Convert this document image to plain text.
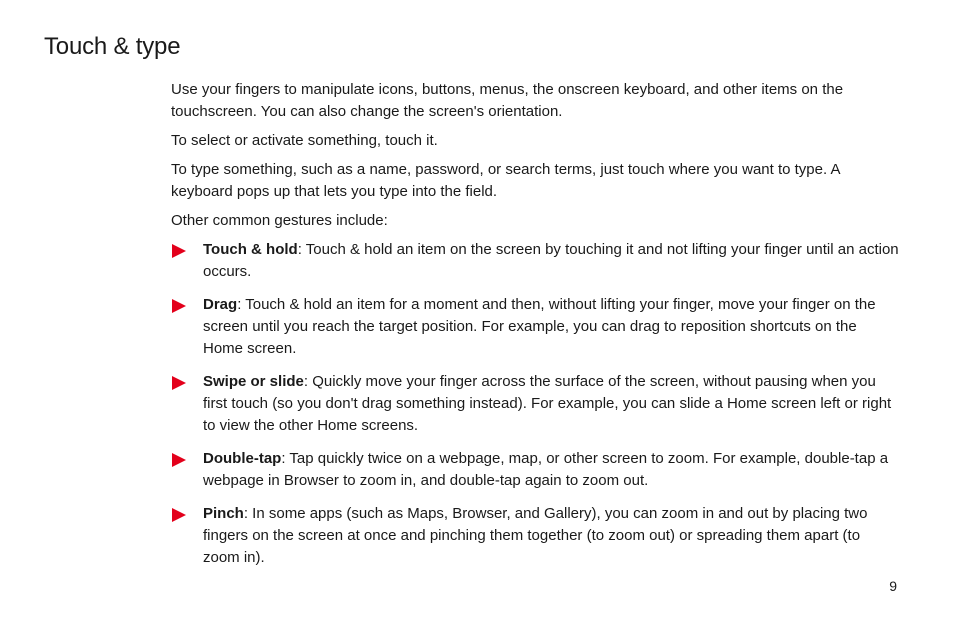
Touch & type

Use your fingers to manipulate icons, buttons, menus, the onscreen keyboard, and other items on the touchscreen. You can also change the screen's orientation.

To select or activate something, touch it.

To type something, such as a name, password, or search terms, just touch where you want to type. A keyboard pops up that lets you type into the field.

Other common gestures include:

Touch & hold: Touch & hold an item on the screen by touching it and not lifting your finger until an action occurs.
Drag: Touch & hold an item for a moment and then, without lifting your finger, move your finger on the screen until you reach the target position. For example, you can drag to reposition shortcuts on the Home screen.
Swipe or slide: Quickly move your finger across the surface of the screen, without pausing when you first touch (so you don't drag something instead). For example, you can slide a Home screen left or right to view the other Home screens.
Double-tap: Tap quickly twice on a webpage, map, or other screen to zoom. For example, double-tap a webpage in Browser to zoom in, and double-tap again to zoom out.
Pinch: In some apps (such as Maps, Browser, and Gallery), you can zoom in and out by placing two fingers on the screen at once and pinching them together (to zoom out) or spreading them apart (to zoom in).
9
